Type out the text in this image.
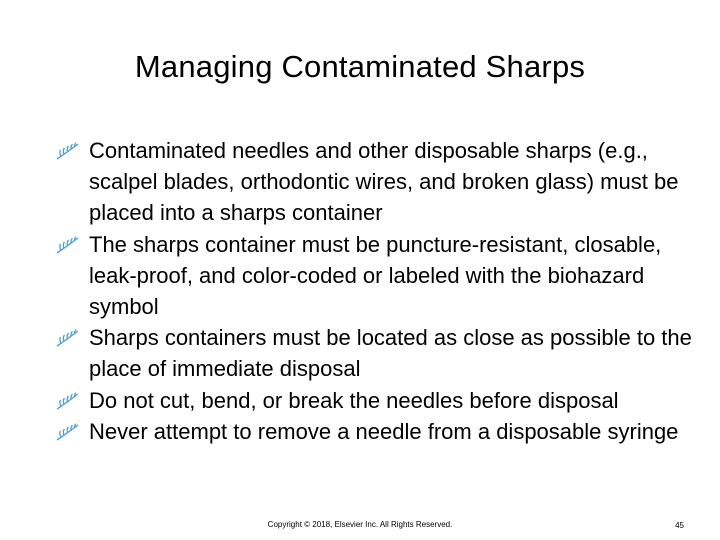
Managing Contaminated Sharps
Contaminated needles and other disposable sharps (e.g., scalpel blades, orthodontic wires, and broken glass) must be placed into a sharps container
The sharps container must be puncture-resistant, closable, leak-proof, and color-coded or labeled with the biohazard symbol
Sharps containers must be located as close as possible to the place of immediate disposal
Do not cut, bend, or break the needles before disposal
Never attempt to remove a needle from a disposable syringe
Copyright © 2018, Elsevier Inc. All Rights Reserved.	45
